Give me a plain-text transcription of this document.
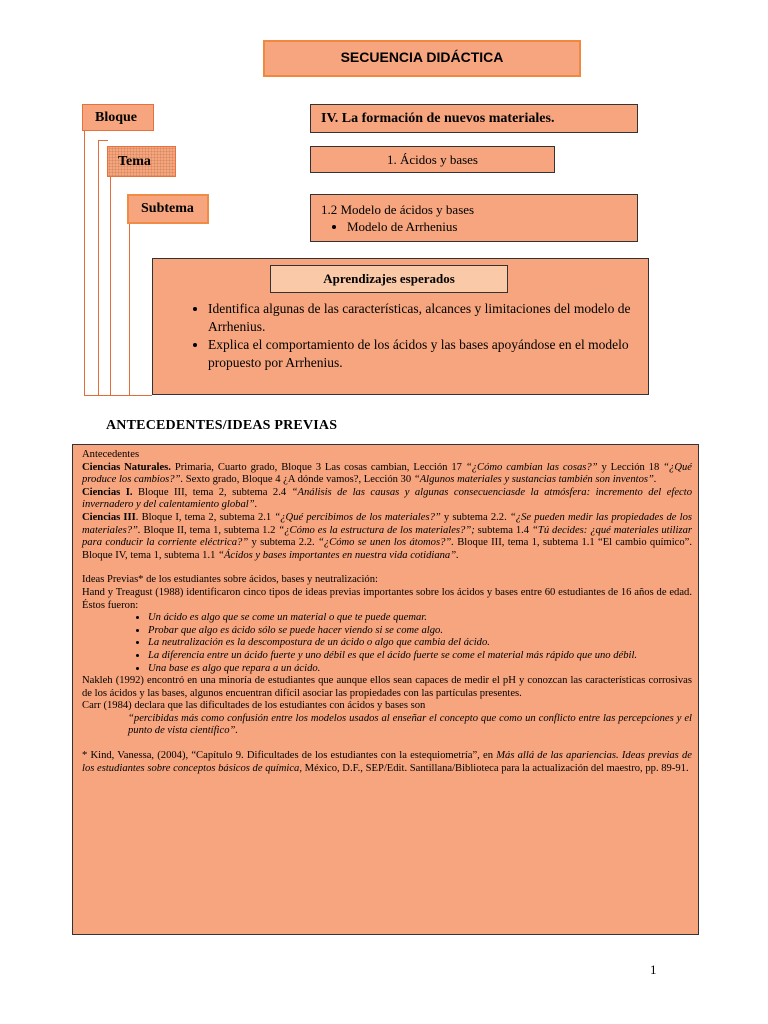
SECUENCIA DIDÁCTICA
Bloque	IV. La formación de nuevos materiales.
Tema	1. Ácidos y bases
Subtema	1.2 Modelo de ácidos y bases
• Modelo de Arrhenius
Aprendizajes esperados
• Identifica algunas de las características, alcances y limitaciones del modelo de Arrhenius.
• Explica el comportamiento de los ácidos y las bases apoyándose en el modelo propuesto por Arrhenius.
ANTECEDENTES/IDEAS PREVIAS

Antecedentes

Ciencias Naturales. Primaria, Cuarto grado, Bloque 3 Las cosas cambian, Lección 17 “¿Cómo cambian las cosas?” y Lección 18 “¿Qué produce los cambios?”. Sexto grado, Bloque 4 ¿A dónde vamos?, Lección 30 “Algunos materiales y sustancias también son inventos”.

Ciencias I. Bloque III, tema 2, subtema 2.4 “Análisis de las causas y algunas consecuenciasde la atmósfera: incremento del efecto invernadero y del calentamiento global”.

Ciencias III. Bloque I, tema 2, subtema 2.1 “¿Qué percibimos de los materiales?” y subtema 2.2. “¿Se pueden medir las propiedades de los materiales?”. Bloque II, tema 1, subtema 1.2 “¿Cómo es la estructura de los materiales?”; subtema 1.4 “Tú decides: ¿qué materiales utilizar para conducir la corriente eléctrica?” y subtema 2.2. “¿Cómo se unen los átomos?”. Bloque III, tema 1, subtema 1.1 “El cambio químico”. Bloque IV, tema 1, subtema 1.1 “Ácidos y bases importantes en nuestra vida cotidiana”.

Ideas Previas* de los estudiantes sobre ácidos, bases y neutralización:

Hand y Treagust (1988) identificaron cinco tipos de ideas previas importantes sobre los ácidos y bases entre 60 estudiantes de 16 años de edad. Éstos fueron:

• Un ácido es algo que se come un material o que te puede quemar.
• Probar que algo es ácido sólo se puede hacer viendo si se come algo.
• La neutralización es la descompostura de un ácido o algo que cambia del ácido.
• La diferencia entre un ácido fuerte y uno débil es que el ácido fuerte se come el material más rápido que uno débil.
• Una base es algo que repara a un ácido.

Nakleh (1992) encontró en una minoría de estudiantes que aunque ellos sean capaces de medir el pH y conozcan las características corrosivas de los ácidos y las bases, algunos encuentran difícil asociar las propiedades con las partículas presentes.

Carr (1984) declara que las dificultades de los estudiantes con ácidos y bases son

“percibidas más como confusión entre los modelos usados al enseñar el concepto que como un conflicto entre las percepciones y el punto de vista científico”.

* Kind, Vanessa, (2004), “Capítulo 9. Dificultades de los estudiantes con la estequiometría”, en Más allá de las apariencias. Ideas previas de los estudiantes sobre conceptos básicos de química, México, D.F., SEP/Edit. Santillana/Biblioteca para la actualización del maestro, pp. 89-91.

1
